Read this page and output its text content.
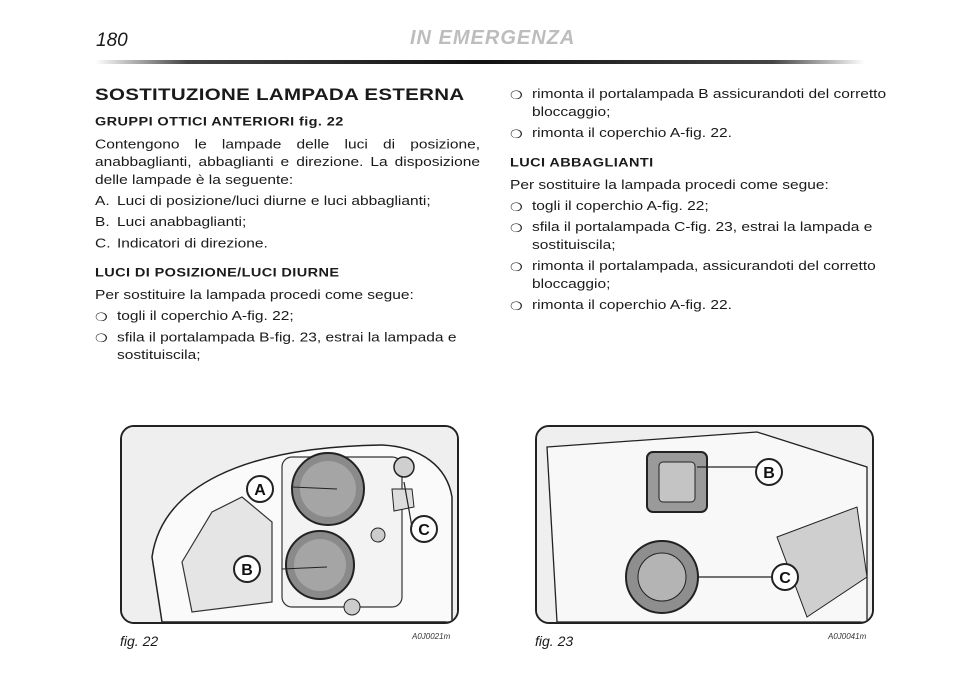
180	IN EMERGENZA
SOSTITUZIONE LAMPADA ESTERNA
GRUPPI OTTICI ANTERIORI fig. 22

Contengono le lampade delle luci di posizione, anabbaglianti, abbaglianti e direzione. La disposizione delle lampade è la seguente:

A. Luci di posizione/luci diurne e luci abbaglianti;
B. Luci anabbaglianti;
C. Indicatori di direzione.
LUCI DI POSIZIONE/LUCI DIURNE

Per sostituire la lampada procedi come segue:

❍ togli il coperchio A-fig. 22;
❍ sfila il portalampada B-fig. 23, estrai la lampada e sostituiscila;
❍ rimonta il portalampada B assicurandoti del corretto bloccaggio;
❍ rimonta il coperchio A-fig. 22.
LUCI ABBAGLIANTI

Per sostituire la lampada procedi come segue:

❍ togli il coperchio A-fig. 22;
❍ sfila il portalampada C-fig. 23, estrai la lampada e sostituiscila;
❍ rimonta il portalampada, assicurandoti del corretto bloccaggio;
❍ rimonta il coperchio A-fig. 22.
A
B
C
fig. 22	A0J0021m
B
C
fig. 23	A0J0041m
